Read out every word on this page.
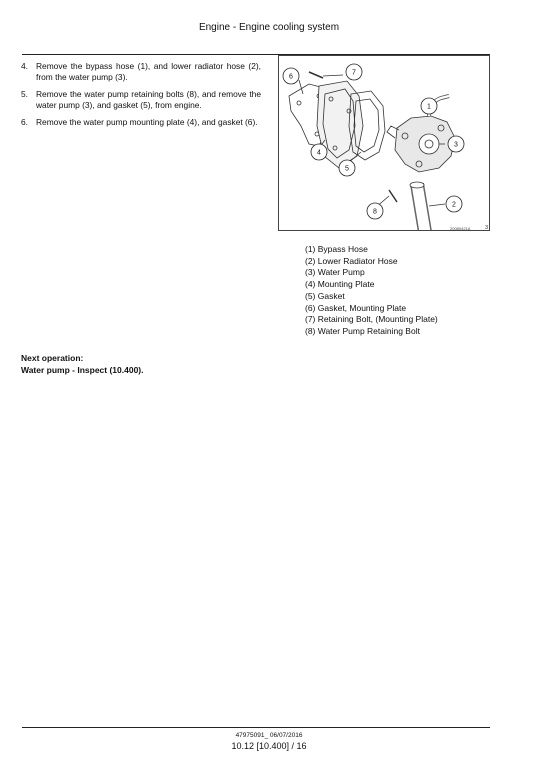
Engine - Engine cooling system
4. Remove the bypass hose (1), and lower radiator hose (2), from the water pump (3).
5. Remove the water pump retaining bolts (8), and remove the water pump (3), and gasket (5), from engine.
6. Remove the water pump mounting plate (4), and gasket (6).
6
7
4
5
1
3
2
8
20080421A	3
(1) Bypass Hose
(2) Lower Radiator Hose
(3) Water Pump
(4) Mounting Plate
(5) Gasket
(6) Gasket, Mounting Plate
(7) Retaining Bolt, (Mounting Plate)
(8) Water Pump Retaining Bolt
Next operation:
Water pump - Inspect (10.400).
47975091_ 06/07/2016
10.12 [10.400] / 16
